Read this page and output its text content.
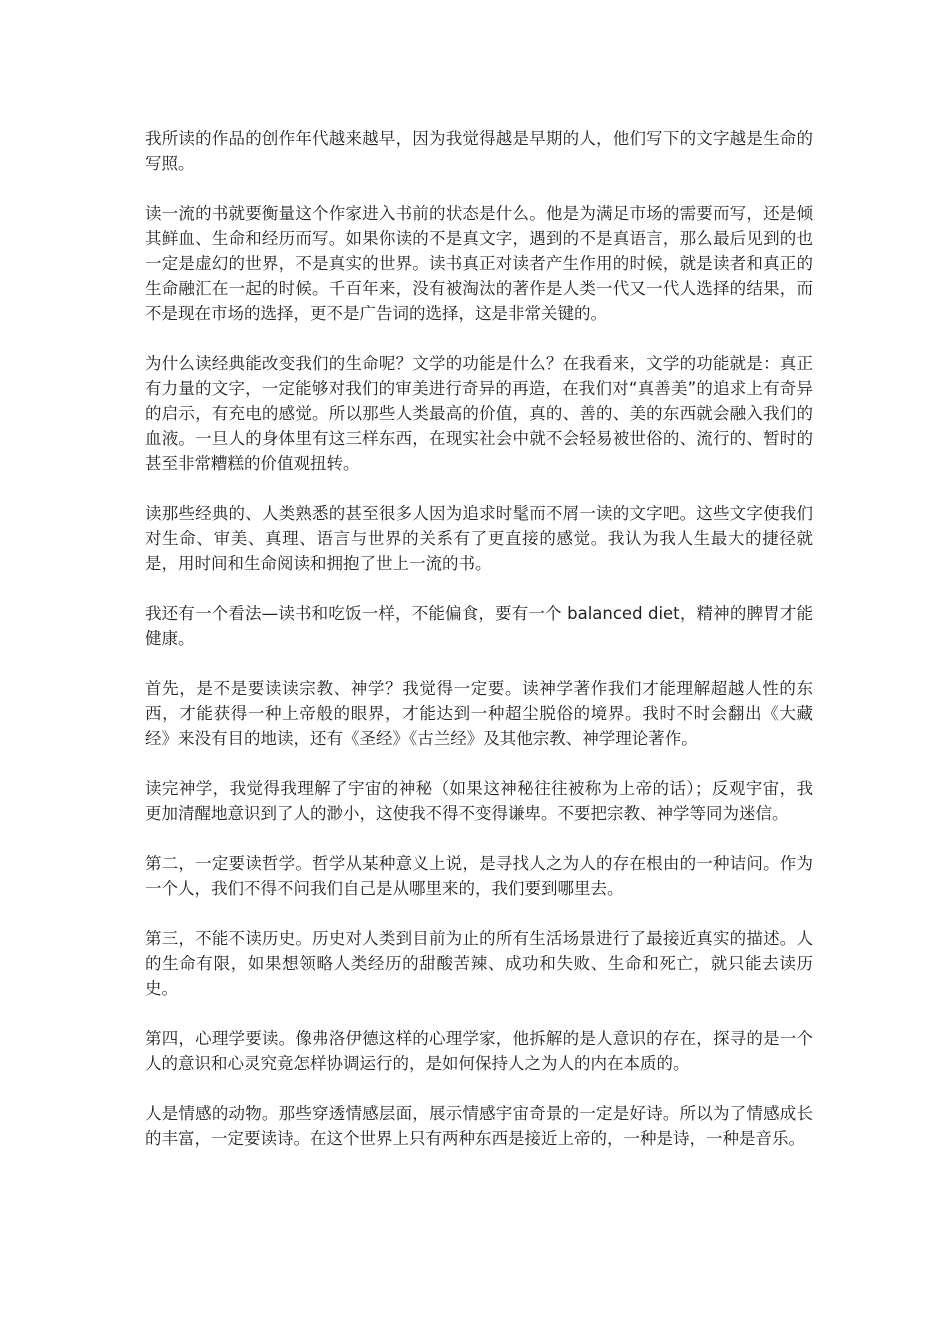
我所读的作品的创作年代越来越早，因为我觉得越是早期的人，他们写下的文字越是生命的写照。

读一流的书就要衡量这个作家进入书前的状态是什么。他是为满足市场的需要而写，还是倾其鲜血、生命和经历而写。如果你读的不是真文字，遇到的不是真语言，那么最后见到的也一定是虚幻的世界，不是真实的世界。读书真正对读者产生作用的时候，就是读者和真正的生命融汇在一起的时候。千百年来，没有被淘汰的著作是人类一代又一代人选择的结果，而不是现在市场的选择，更不是广告词的选择，这是非常关键的。

为什么读经典能改变我们的生命呢？文学的功能是什么？在我看来，文学的功能就是：真正有力量的文字，一定能够对我们的审美进行奇异的再造，在我们对“真善美”的追求上有奇异的启示，有充电的感觉。所以那些人类最高的价值，真的、善的、美的东西就会融入我们的血液。一旦人的身体里有这三样东西，在现实社会中就不会轻易被世俗的、流行的、暂时的甚至非常糟糕的价值观扭转。

读那些经典的、人类熟悉的甚至很多人因为追求时髦而不屑一读的文字吧。这些文字使我们对生命、审美、真理、语言与世界的关系有了更直接的感觉。我认为我人生最大的捷径就是，用时间和生命阅读和拥抱了世上一流的书。

我还有一个看法—读书和吃饭一样，不能偏食，要有一个 balanced diet，精神的脾胃才能健康。

首先，是不是要读读宗教、神学？我觉得一定要。读神学著作我们才能理解超越人性的东西，才能获得一种上帝般的眼界，才能达到一种超尘脱俗的境界。我时不时会翻出《大藏经》来没有目的地读，还有《圣经》《古兰经》及其他宗教、神学理论著作。

读完神学，我觉得我理解了宇宙的神秘（如果这神秘往往被称为上帝的话）；反观宇宙，我更加清醒地意识到了人的渺小，这使我不得不变得谦卑。不要把宗教、神学等同为迷信。

第二，一定要读哲学。哲学从某种意义上说，是寻找人之为人的存在根由的一种诘问。作为一个人，我们不得不问我们自己是从哪里来的，我们要到哪里去。

第三，不能不读历史。历史对人类到目前为止的所有生活场景进行了最接近真实的描述。人的生命有限，如果想领略人类经历的甜酸苦辣、成功和失败、生命和死亡，就只能去读历史。

第四，心理学要读。像弗洛伊德这样的心理学家，他拆解的是人意识的存在，探寻的是一个人的意识和心灵究竟怎样协调运行的，是如何保持人之为人的内在本质的。

人是情感的动物。那些穿透情感层面，展示情感宇宙奇景的一定是好诗。所以为了情感成长的丰富，一定要读诗。在这个世界上只有两种东西是接近上帝的，一种是诗，一种是音乐。
